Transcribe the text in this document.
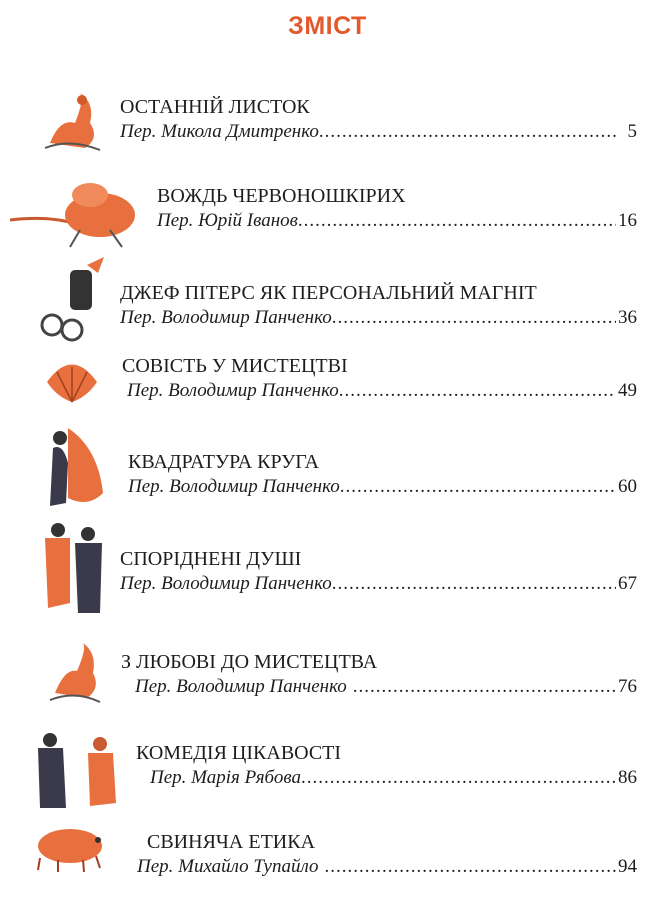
ЗМІСТ
ОСТАННІЙ ЛИСТОК
Пер. Микола Дмитренко .....	5
ВОЖДЬ ЧЕРВОНОШКІРИХ
Пер. Юрій Іванов .....	16
ДЖЕФ ПІТЕРС ЯК ПЕРСОНАЛЬНИЙ МАГНІТ
Пер. Володимир Панченко .....	36
СОВІСТЬ У МИСТЕЦТВІ
Пер. Володимир Панченко .....	49
КВАДРАТУРА КРУГА
Пер. Володимир Панченко .....	60
СПОРІДНЕНІ ДУШІ
Пер. Володимир Панченко .....	67
З ЛЮБОВІ ДО МИСТЕЦТВА
Пер. Володимир Панченко .....	76
КОМЕДІЯ ЦІКАВОСТІ
Пер. Марія Рябова .....	86
СВИНЯЧА ЕТИКА
Пер. Михайло Тупайло .....	94
